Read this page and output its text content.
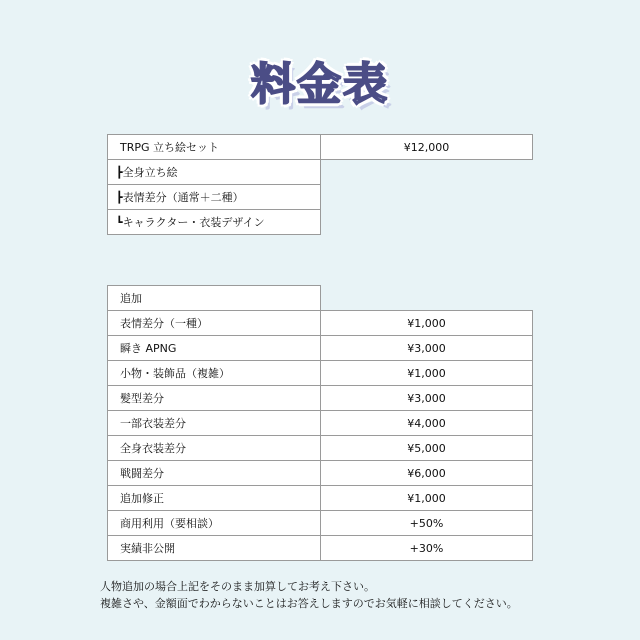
料金表
TRPG 立ち絵セット	¥12,000
┣全身立ち絵
┣表情差分（通常＋二種）
┗キャラクター・衣装デザイン
追加
表情差分（一種）	¥1,000
瞬き APNG	¥3,000
小物・装飾品（複雑）	¥1,000
髪型差分	¥3,000
一部衣装差分	¥4,000
全身衣装差分	¥5,000
戦闘差分	¥6,000
追加修正	¥1,000
商用利用（要相談）	+50%
実績非公開	+30%
人物追加の場合上記をそのまま加算してお考え下さい。
複雑さや、金額面でわからないことはお答えしますのでお気軽に相談してください。
